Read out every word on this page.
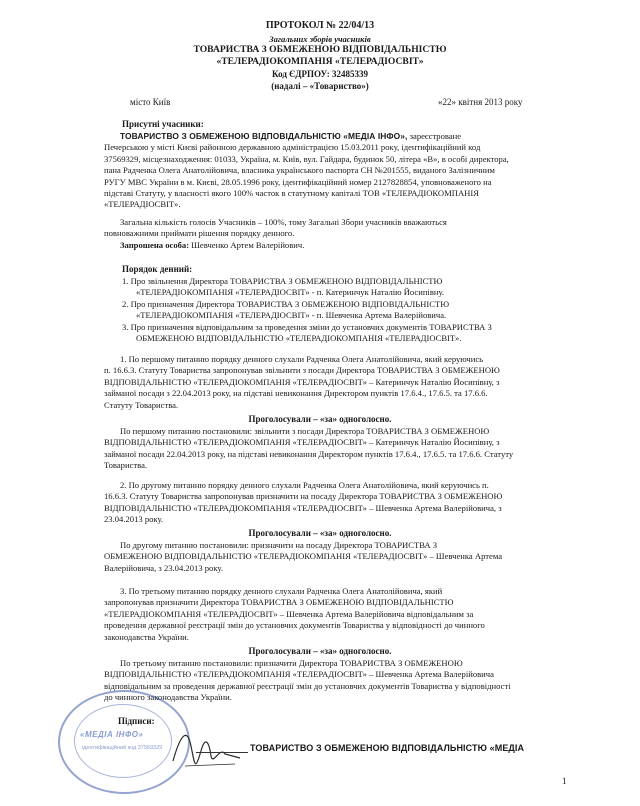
ПРОТОКОЛ № 22/04/13
Загальних зборів учасників
ТОВАРИСТВА З ОБМЕЖЕНОЮ ВІДПОВІДАЛЬНІСТЮ
«ТЕЛЕРАДІОКОМПАНІЯ «ТЕЛЕРАДІОСВІТ»
Код ЄДРПОУ: 32485339
(надалі – «Товариство»)
місто Київ	«22» квітня 2013 року
Присутні учасники:
ТОВАРИСТВО З ОБМЕЖЕНОЮ ВІДПОВІДАЛЬНІСТЮ «МЕДІА ІНФО», зареєстроване
Печерською у місті Києві районною державною адміністрацією 15.03.2011 року, ідентифікаційний код
37569329, місцезнаходження: 01033, Україна, м. Київ, вул. Гайдара, будинок 50, літера «В», в особі директора,
пана Радченка Олега Анатолійовича, власника українського паспорта СН №201555, виданого Залізничним
РУГУ МВС України в м. Києві, 28.05.1996 року, ідентифікаційний номер 2127828854, уповноваженого на
підставі Статуту, у власності якого 100% часток в статутному капіталі ТОВ «ТЕЛЕРАДІОКОМПАНІЯ
«ТЕЛЕРАДІОСВІТ».
Загальна кількість голосів Учасників – 100%, тому Загальні Збори учасників вважаються
повноважними приймати рішення порядку денного.
Запрошена особа: Шевченко Артем Валерійович.
Порядок денний:
1. Про звільнення Директора ТОВАРИСТВА З ОБМЕЖЕНОЮ ВІДПОВІДАЛЬНІСТЮ
«ТЕЛЕРАДІОКОМПАНІЯ «ТЕЛЕРАДІОСВІТ» - п. Катеринчук Наталію Йосипівну.
2. Про призначення Директора ТОВАРИСТВА З ОБМЕЖЕНОЮ ВІДПОВІДАЛЬНІСТЮ
«ТЕЛЕРАДІОКОМПАНІЯ «ТЕЛЕРАДІОСВІТ» - п. Шевченка Артема Валерійовича.
3. Про призначення відповідальним за проведення зміни до установчих документів ТОВАРИСТВА З
ОБМЕЖЕНОЮ ВІДПОВІДАЛЬНІСТЮ «ТЕЛЕРАДІОКОМПАНІЯ «ТЕЛЕРАДІОСВІТ».
1. По першому питанню порядку денного слухали Радченка Олега Анатолійовича, який керуючись
п. 16.6.3. Статуту Товариства запропонував звільнити з посади Директора ТОВАРИСТВА З ОБМЕЖЕНОЮ
ВІДПОВІДАЛЬНІСТЮ «ТЕЛЕРАДІОКОМПАНІЯ «ТЕЛЕРАДІОСВІТ» – Катеринчук Наталію Йосипівну, з
займаної посади з 22.04.2013 року, на підставі невиконання Директором пунктів 17.6.4., 17.6.5. та 17.6.6.
Статуту Товариства.
Проголосували – «за» одноголосно.
По першому питанню постановили: звільнити з посади Директора ТОВАРИСТВА З ОБМЕЖЕНОЮ
ВІДПОВІДАЛЬНІСТЮ «ТЕЛЕРАДІОКОМПАНІЯ «ТЕЛЕРАДІОСВІТ» – Катеринчук Наталію Йосипівну, з
займаної посади 22.04.2013 року, на підставі невиконання Директором пунктів 17.6.4., 17.6.5. та 17.6.6. Статуту
Товариства.
2. По другому питанню порядку денного слухали Радченка Олега Анатолійовича, який керуючись п.
16.6.3. Статуту Товариства запропонував призначити на посаду Директора ТОВАРИСТВА З ОБМЕЖЕНОЮ
ВІДПОВІДАЛЬНІСТЮ «ТЕЛЕРАДІОКОМПАНІЯ «ТЕЛЕРАДІОСВІТ» – Шевченка Артема Валерійовича, з
23.04.2013 року.
Проголосували – «за» одноголосно.
По другому питанню постановили: призначити на посаду Директора ТОВАРИСТВА З
ОБМЕЖЕНОЮ ВІДПОВІДАЛЬНІСТЮ «ТЕЛЕРАДІОКОМПАНІЯ «ТЕЛЕРАДІОСВІТ» – Шевченка Артема
Валерійовича, з 23.04.2013 року.
3. По третьому питанню порядку денного слухали Радченка Олега Анатолійовича, який
запропонував призначити Директора ТОВАРИСТВА З ОБМЕЖЕНОЮ ВІДПОВІДАЛЬНІСТЮ
«ТЕЛЕРАДІОКОМПАНІЯ «ТЕЛЕРАДІОСВІТ» – Шевченка Артема Валерійовича відповідальним за
проведення державної реєстрації змін до установчих документів Товариства у відповідності до чинного
законодавства України.
Проголосували – «за» одноголосно.
По третьому питанню постановили: призначити Директора ТОВАРИСТВА З ОБМЕЖЕНОЮ
ВІДПОВІДАЛЬНІСТЮ «ТЕЛЕРАДІОКОМПАНІЯ «ТЕЛЕРАДІОСВІТ» – Шевченка Артема Валерійовича
відповідальним за проведення державної реєстрації змін до установчих документів Товариства у відповідності
до чинного законодавства України.
«МЕДІА ІНФО»
ідентифікаційний код 37569329
Підписи:
ТОВАРИСТВО З ОБМЕЖЕНОЮ ВІДПОВІДАЛЬНІСТЮ «МЕДІА
1
